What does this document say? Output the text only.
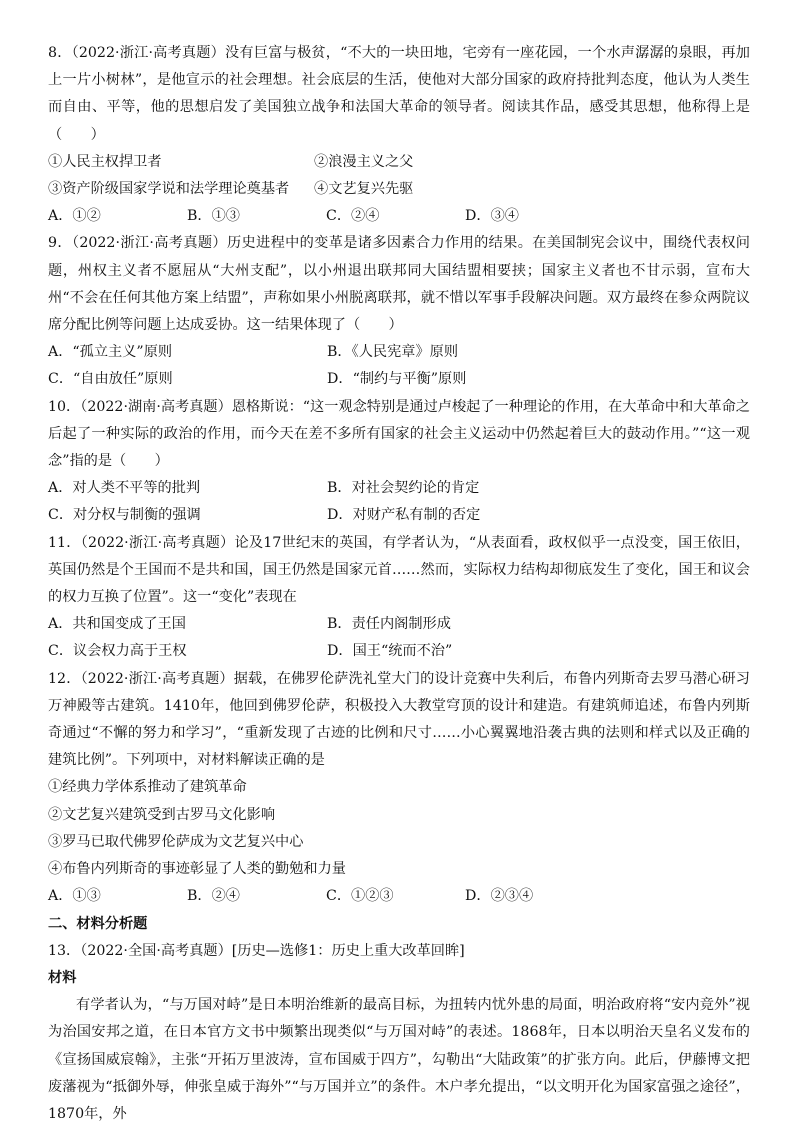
8．（2022·浙江·高考真题）没有巨富与极贫，“不大的一块田地，宅旁有一座花园，一个水声潺潺的泉眼，再加上一片小树林”，是他宣示的社会理想。社会底层的生活，使他对大部分国家的政府持批判态度，他认为人类生而自由、平等，他的思想启发了美国独立战争和法国大革命的领导者。阅读其作品，感受其思想，他称得上是（　　）

①人民主权捍卫者	②浪漫主义之父
③资产阶级国家学说和法学理论奠基者	④文艺复兴先驱
A．①②	B．①③	C．②④	D．③④

9．（2022·浙江·高考真题）历史进程中的变革是诸多因素合力作用的结果。在美国制宪会议中，围绕代表权问题，州权主义者不愿屈从“大州支配”，以小州退出联邦同大国结盟相要挟；国家主义者也不甘示弱，宣布大州“不会在任何其他方案上结盟”，声称如果小州脱离联邦，就不惜以军事手段解决问题。双方最终在参众两院议席分配比例等问题上达成妥协。这一结果体现了（　　）

A．“孤立主义”原则	B．《人民宪章》原则
C．“自由放任”原则	D．“制约与平衡”原则

10．（2022·湖南·高考真题）恩格斯说：“这一观念特别是通过卢梭起了一种理论的作用，在大革命中和大革命之后起了一种实际的政治的作用，而今天在差不多所有国家的社会主义运动中仍然起着巨大的鼓动作用。”“这一观念”指的是（　　）

A．对人类不平等的批判	B．对社会契约论的肯定
C．对分权与制衡的强调	D．对财产私有制的否定

11．（2022·浙江·高考真题）论及17世纪末的英国，有学者认为，“从表面看，政权似乎一点没变，国王依旧，英国仍然是个王国而不是共和国，国王仍然是国家元首……然而，实际权力结构却彻底发生了变化，国王和议会的权力互换了位置”。这一“变化”表现在

A．共和国变成了王国	B．责任内阁制形成
C．议会权力高于王权	D．国王“统而不治”

12．（2022·浙江·高考真题）据载，在佛罗伦萨洗礼堂大门的设计竞赛中失利后，布鲁内列斯奇去罗马潜心研习万神殿等古建筑。1410年，他回到佛罗伦萨，积极投入大教堂穹顶的设计和建造。有建筑师追述，布鲁内列斯奇通过“不懈的努力和学习”，“重新发现了古迹的比例和尺寸……小心翼翼地沿袭古典的法则和样式以及正确的建筑比例”。下列项中，对材料解读正确的是

①经典力学体系推动了建筑革命
②文艺复兴建筑受到古罗马文化影响
③罗马已取代佛罗伦萨成为文艺复兴中心
④布鲁内列斯奇的事迹彰显了人类的勤勉和力量
A．①③	B．②④	C．①②③	D．②③④
二、材料分析题

13．（2022·全国·高考真题）[历史—选修1：历史上重大改革回眸]

材料

有学者认为，“与万国对峙”是日本明治维新的最高目标，为扭转内忧外患的局面，明治政府将“安内竞外”视为治国安邦之道，在日本官方文书中频繁出现类似“与万国对峙”的表述。1868年，日本以明治天皇名义发布的《宣扬国威宸翰》，主张“开拓万里波涛，宣布国威于四方”，勾勒出“大陆政策”的扩张方向。此后，伊藤博文把废藩视为“抵御外辱，伸张皇威于海外”“与万国并立”的条件。木户孝允提出，“以文明开化为国家富强之途径”，1870年，外
